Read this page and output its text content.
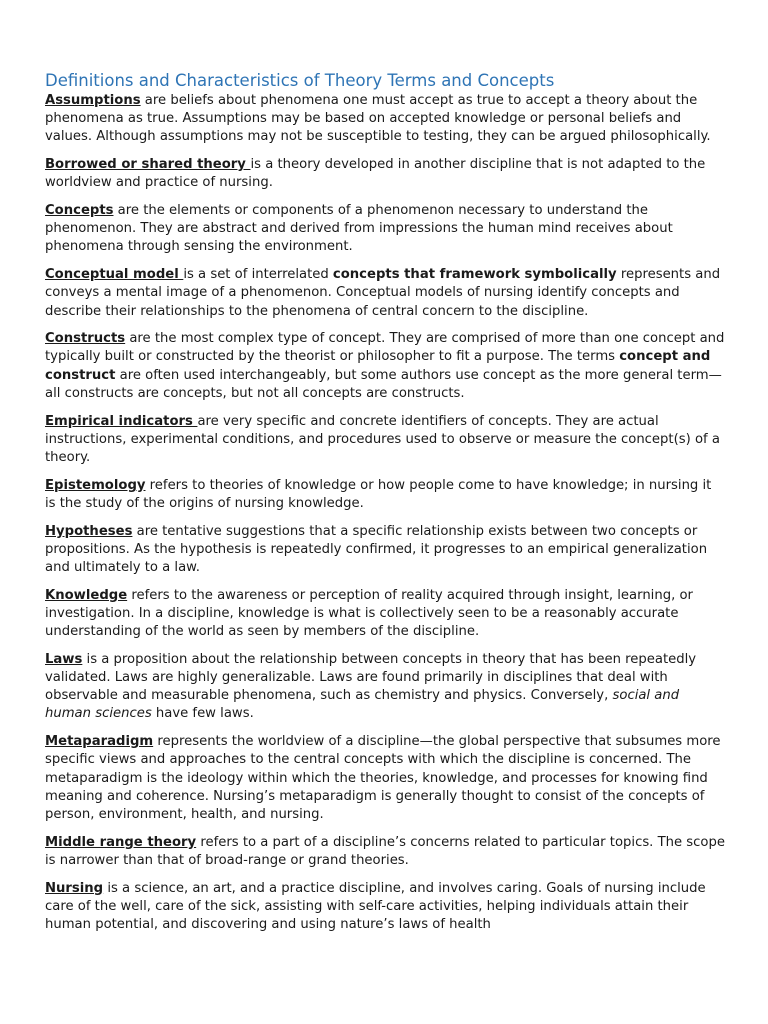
Definitions and Characteristics of Theory Terms and Concepts

Assumptions are beliefs about phenomena one must accept as true to accept a theory about the phenomena as true. Assumptions may be based on accepted knowledge or personal beliefs and values. Although assumptions may not be susceptible to testing, they can be argued philosophically.

Borrowed or shared theory is a theory developed in another discipline that is not adapted to the worldview and practice of nursing.

Concepts are the elements or components of a phenomenon necessary to understand the phenomenon. They are abstract and derived from impressions the human mind receives about phenomena through sensing the environment.

Conceptual model is a set of interrelated concepts that framework symbolically represents and conveys a mental image of a phenomenon. Conceptual models of nursing identify concepts and describe their relationships to the phenomena of central concern to the discipline.

Constructs are the most complex type of concept. They are comprised of more than one concept and typically built or constructed by the theorist or philosopher to fit a purpose. The terms concept and construct are often used interchangeably, but some authors use concept as the more general term—all constructs are concepts, but not all concepts are constructs.

Empirical indicators are very specific and concrete identifiers of concepts. They are actual instructions, experimental conditions, and procedures used to observe or measure the concept(s) of a theory.

Epistemology refers to theories of knowledge or how people come to have knowledge; in nursing it is the study of the origins of nursing knowledge.

Hypotheses are tentative suggestions that a specific relationship exists between two concepts or propositions. As the hypothesis is repeatedly confirmed, it progresses to an empirical generalization and ultimately to a law.

Knowledge refers to the awareness or perception of reality acquired through insight, learning, or investigation. In a discipline, knowledge is what is collectively seen to be a reasonably accurate understanding of the world as seen by members of the discipline.

Laws is a proposition about the relationship between concepts in theory that has been repeatedly validated. Laws are highly generalizable. Laws are found primarily in disciplines that deal with observable and measurable phenomena, such as chemistry and physics. Conversely, social and human sciences have few laws.

Metaparadigm represents the worldview of a discipline—the global perspective that subsumes more specific views and approaches to the central concepts with which the discipline is concerned. The metaparadigm is the ideology within which the theories, knowledge, and processes for knowing find meaning and coherence. Nursing’s metaparadigm is generally thought to consist of the concepts of person, environment, health, and nursing.

Middle range theory refers to a part of a discipline’s concerns related to particular topics. The scope is narrower than that of broad-range or grand theories.

Nursing is a science, an art, and a practice discipline, and involves caring. Goals of nursing include care of the well, care of the sick, assisting with self-care activities, helping individuals attain their human potential, and discovering and using nature’s laws of health
